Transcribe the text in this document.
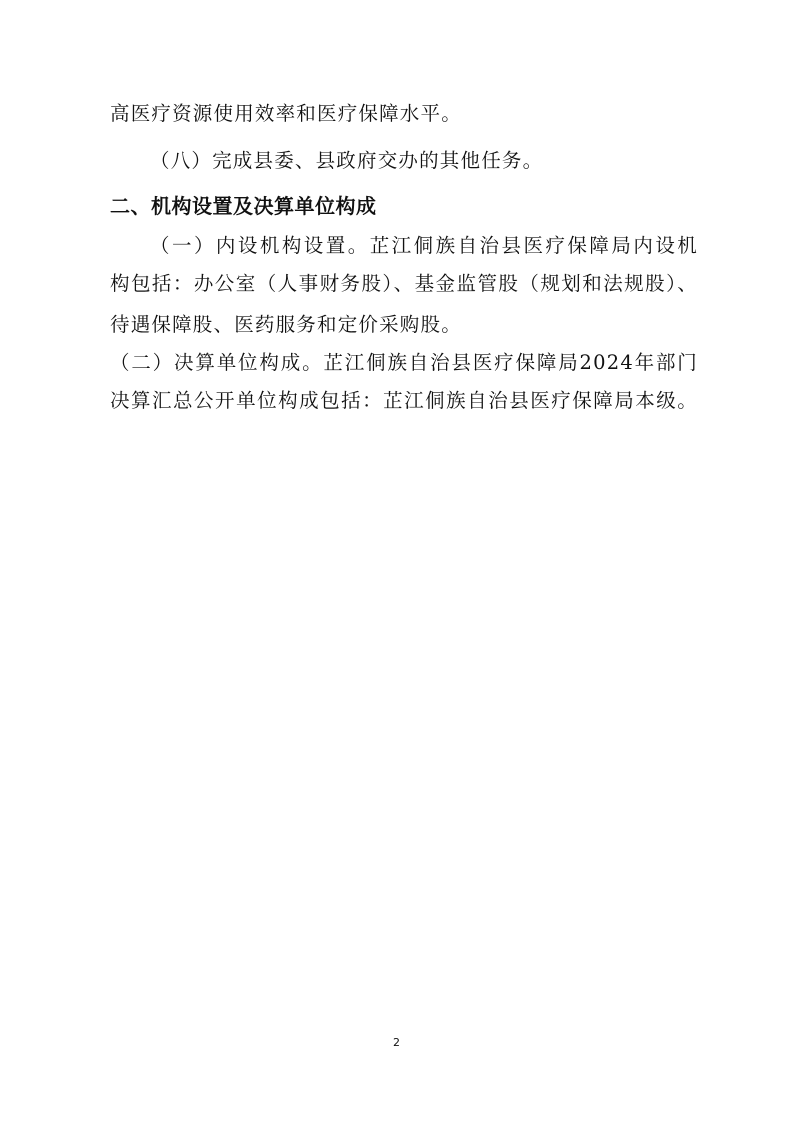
高医疗资源使用效率和医疗保障水平。
（八）完成县委、县政府交办的其他任务。
二、机构设置及决算单位构成
（一）内设机构设置。芷江侗族自治县医疗保障局内设机
构包括：办公室（人事财务股）、基金监管股（规划和法规股）、
待遇保障股、医药服务和定价采购股。
（二）决算单位构成。芷江侗族自治县医疗保障局2024年部门
决算汇总公开单位构成包括：芷江侗族自治县医疗保障局本级。
2
